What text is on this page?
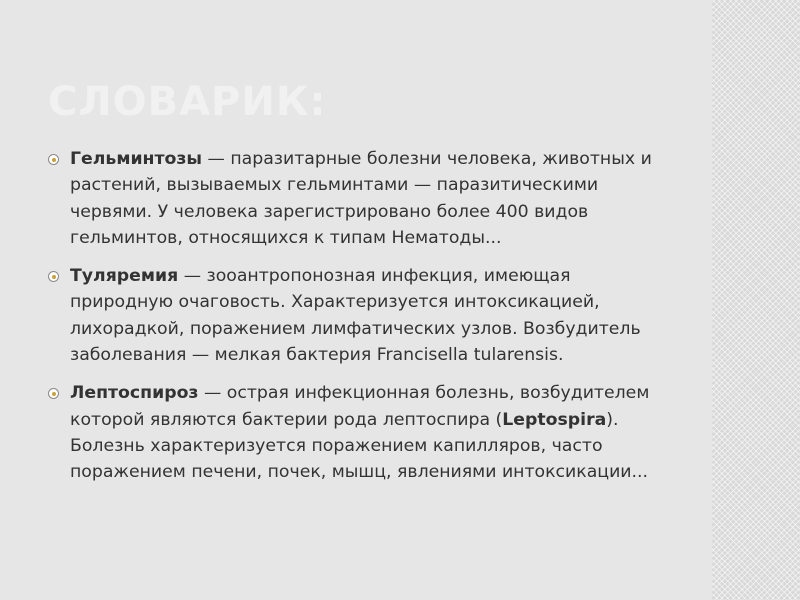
СЛОВАРИК:
Гельминтозы — паразитарные болезни человека, животных и растений, вызываемых гельминтами — паразитическими червями. У человека зарегистрировано более 400 видов гельминтов, относящихся к типам Нематоды...
Туляремия — зооантропонозная инфекция, имеющая природную очаговость. Характеризуется интоксикацией, лихорадкой, поражением лимфатических узлов. Возбудитель заболевания — мелкая бактерия Francisella tularensis.
Лептоспироз — острая инфекционная болезнь, возбудителем которой являются бактерии рода лептоспира (Leptospira). Болезнь характеризуется поражением капилляров, часто поражением печени, почек, мышц, явлениями интоксикации...
